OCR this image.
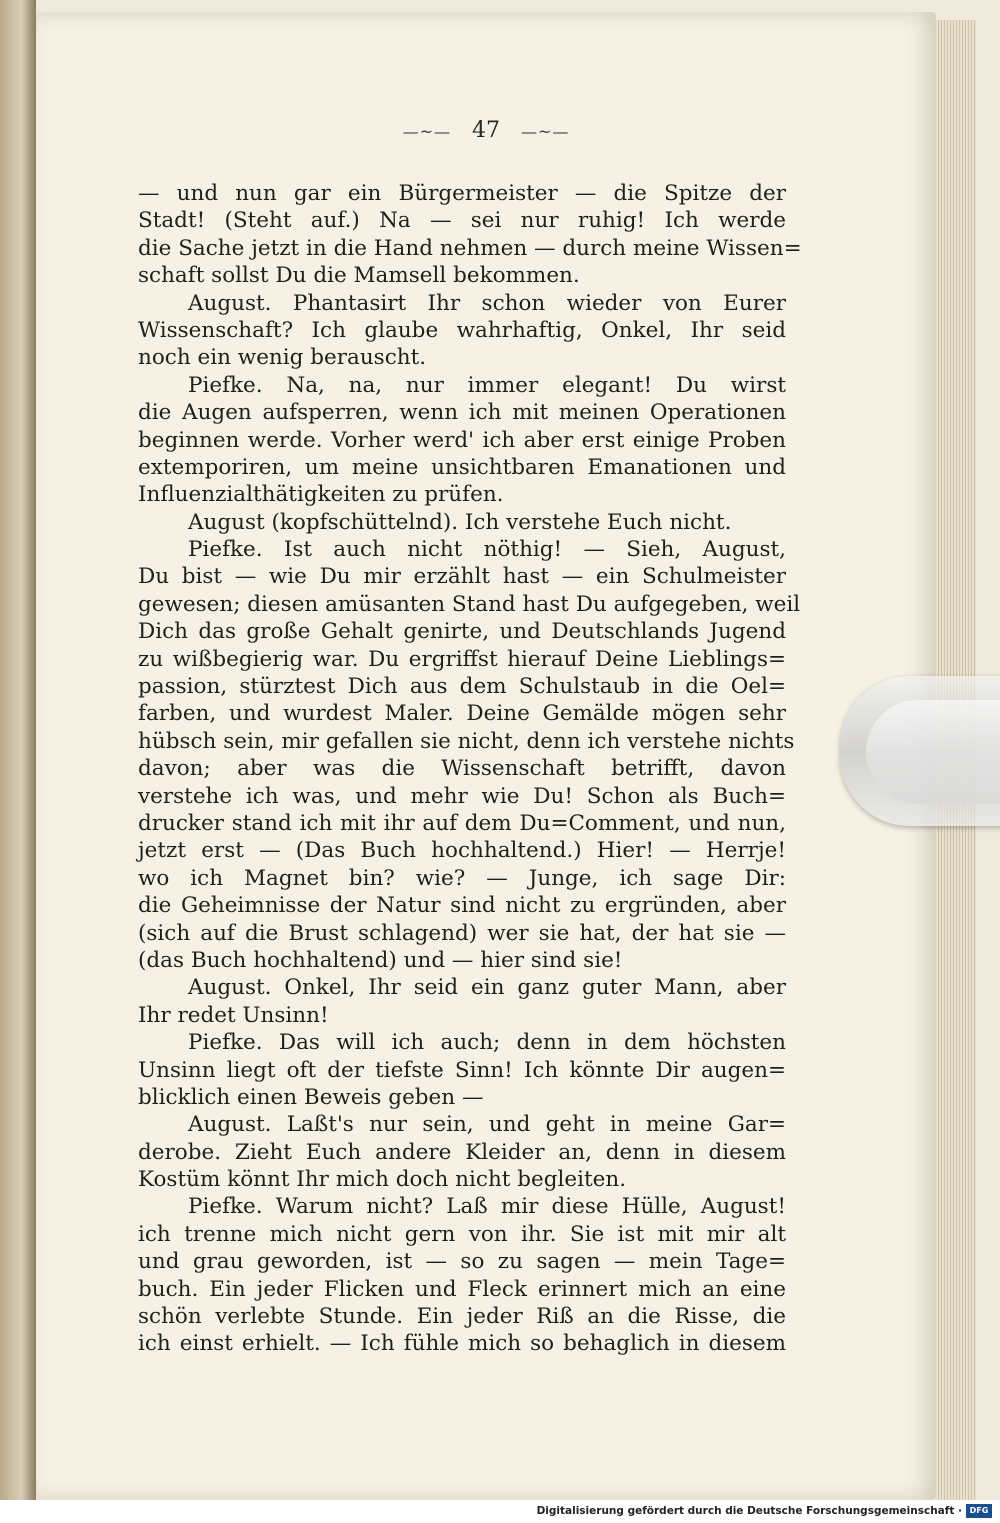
—~— 47 —~—
— und nun gar ein Bürgermeister — die Spitze der
Stadt! (Steht auf.) Na — sei nur ruhig! Ich werde
die Sache jetzt in die Hand nehmen — durch meine Wissen=
schaft sollst Du die Mamsell bekommen.
August. Phantasirt Ihr schon wieder von Eurer
Wissenschaft? Ich glaube wahrhaftig, Onkel, Ihr seid
noch ein wenig berauscht.
Piefke. Na, na, nur immer elegant! Du wirst
die Augen aufsperren, wenn ich mit meinen Operationen
beginnen werde. Vorher werd' ich aber erst einige Proben
extemporiren, um meine unsichtbaren Emanationen und
Influenzialthätigkeiten zu prüfen.
August (kopfschüttelnd). Ich verstehe Euch nicht.
Piefke. Ist auch nicht nöthig! — Sieh, August,
Du bist — wie Du mir erzählt hast — ein Schulmeister
gewesen; diesen amüsanten Stand hast Du aufgegeben, weil
Dich das große Gehalt genirte, und Deutschlands Jugend
zu wißbegierig war. Du ergriffst hierauf Deine Lieblings=
passion, stürztest Dich aus dem Schulstaub in die Oel=
farben, und wurdest Maler. Deine Gemälde mögen sehr
hübsch sein, mir gefallen sie nicht, denn ich verstehe nichts
davon; aber was die Wissenschaft betrifft, davon
verstehe ich was, und mehr wie Du! Schon als Buch=
drucker stand ich mit ihr auf dem Du=Comment, und nun,
jetzt erst — (Das Buch hochhaltend.) Hier! — Herrje!
wo ich Magnet bin? wie? — Junge, ich sage Dir:
die Geheimnisse der Natur sind nicht zu ergründen, aber
(sich auf die Brust schlagend) wer sie hat, der hat sie —
(das Buch hochhaltend) und — hier sind sie!
August. Onkel, Ihr seid ein ganz guter Mann, aber
Ihr redet Unsinn!
Piefke. Das will ich auch; denn in dem höchsten
Unsinn liegt oft der tiefste Sinn! Ich könnte Dir augen=
blicklich einen Beweis geben —
August. Laßt's nur sein, und geht in meine Gar=
derobe. Zieht Euch andere Kleider an, denn in diesem
Kostüm könnt Ihr mich doch nicht begleiten.
Piefke. Warum nicht? Laß mir diese Hülle, August!
ich trenne mich nicht gern von ihr. Sie ist mit mir alt
und grau geworden, ist — so zu sagen — mein Tage=
buch. Ein jeder Flicken und Fleck erinnert mich an eine
schön verlebte Stunde. Ein jeder Riß an die Risse, die
ich einst erhielt. — Ich fühle mich so behaglich in diesem
Digitalisierung gefördert durch die Deutsche Forschungsgemeinschaft · DFG
